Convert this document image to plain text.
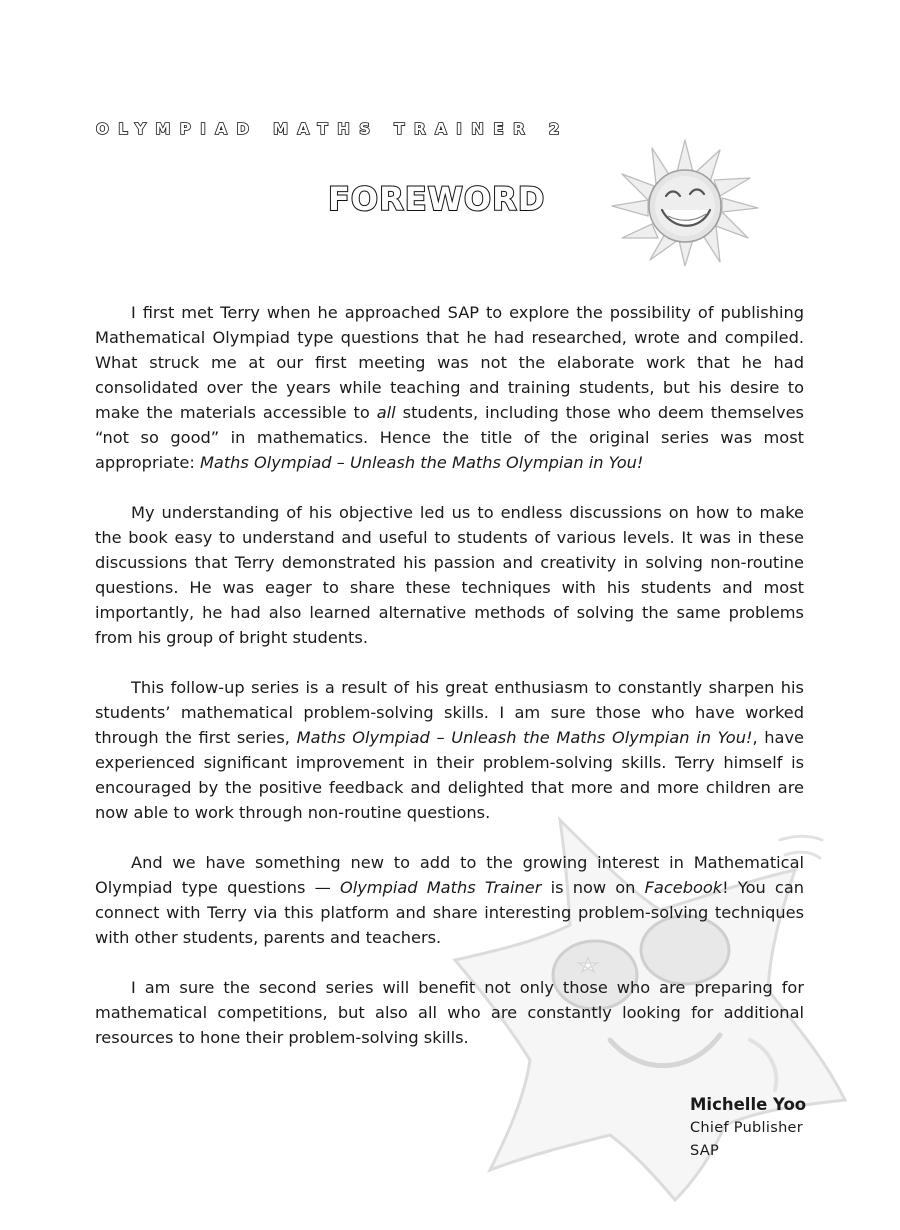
OLYMPIAD MATHS TRAINER 2
FOREWORD

I first met Terry when he approached SAP to explore the possibility of publishing Mathematical Olympiad type questions that he had researched, wrote and compiled. What struck me at our first meeting was not the elaborate work that he had consolidated over the years while teaching and training students, but his desire to make the materials accessible to all students, including those who deem themselves “not so good” in mathematics. Hence the title of the original series was most appropriate: Maths Olympiad – Unleash the Maths Olympian in You!

My understanding of his objective led us to endless discussions on how to make the book easy to understand and useful to students of various levels. It was in these discussions that Terry demonstrated his passion and creativity in solving non-routine questions. He was eager to share these techniques with his students and most importantly, he had also learned alternative methods of solving the same problems from his group of bright students.

This follow-up series is a result of his great enthusiasm to constantly sharpen his students’ mathematical problem-solving skills. I am sure those who have worked through the first series, Maths Olympiad – Unleash the Maths Olympian in You!, have experienced significant improvement in their problem-solving skills. Terry himself is encouraged by the positive feedback and delighted that more and more children are now able to work through non-routine questions.

And we have something new to add to the growing interest in Mathematical Olympiad type questions — Olympiad Maths Trainer is now on Facebook! You can connect with Terry via this platform and share interesting problem-solving techniques with other students, parents and teachers.

I am sure the second series will benefit not only those who are preparing for mathematical competitions, but also all who are constantly looking for additional resources to hone their problem-solving skills.

Michelle Yoo
Chief Publisher
SAP
